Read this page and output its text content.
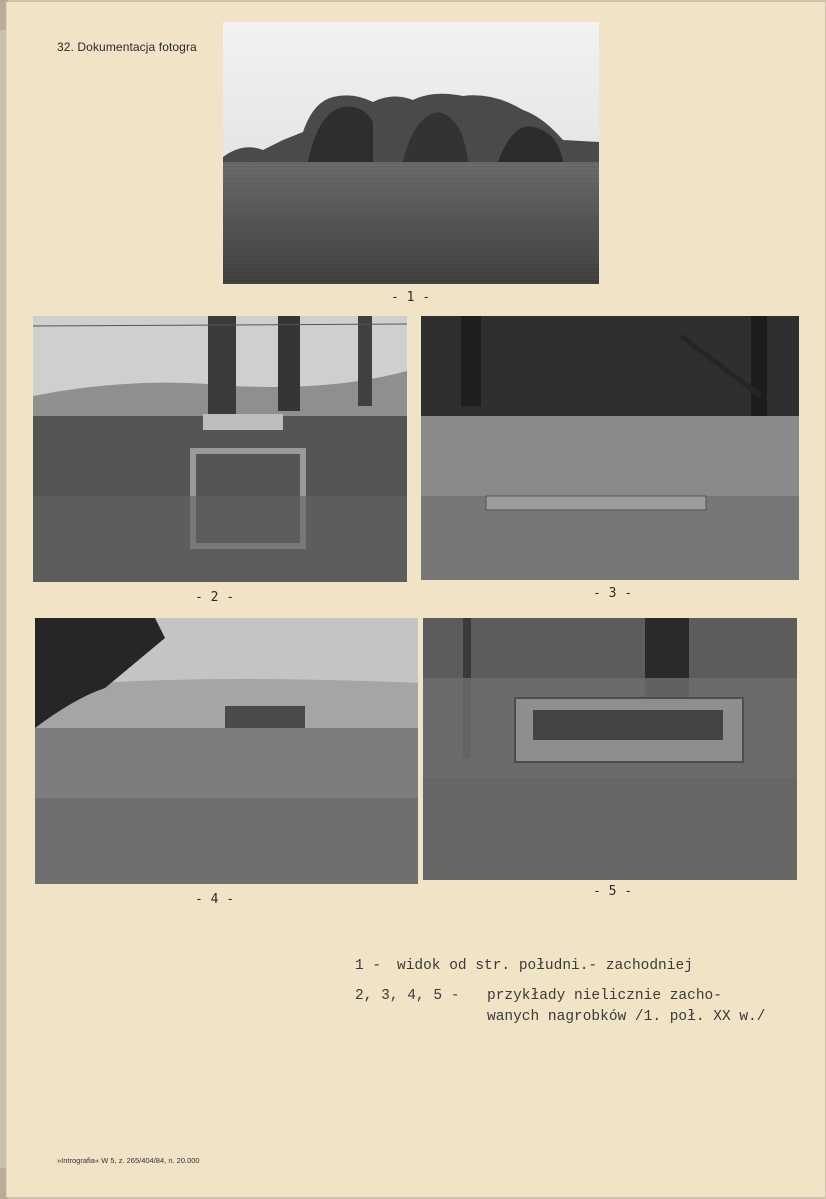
32. Dokumentacja fotogra
- 1 -
- 2 -	- 3 -
- 4 -
- 5 -
1 - widok od str. południ.- zachodniej
2, 3, 4, 5 - przykłady nielicznie zacho-
wanych nagrobków /1. poł. XX w./
»Intrografia« W 5, z. 265/404/84, n. 20.000
